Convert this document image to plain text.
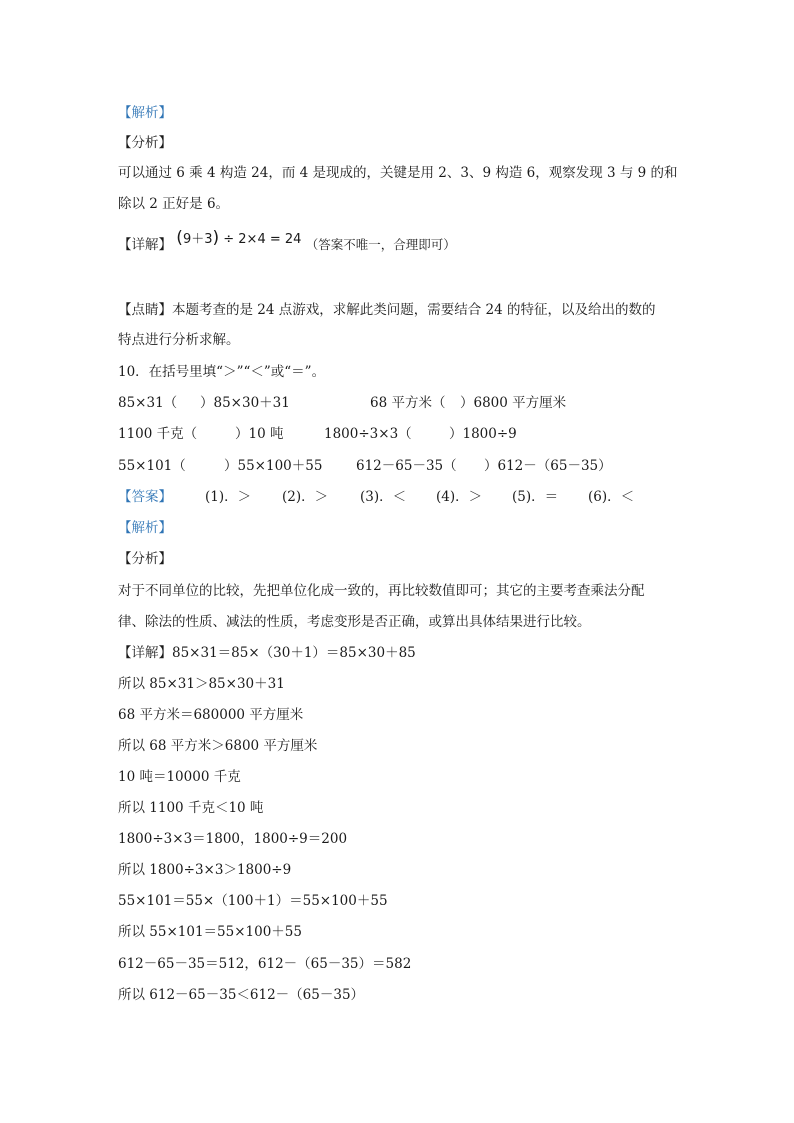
【解析】
【分析】
可以通过 6 乘 4 构造 24，而 4 是现成的，关键是用 2、3、9 构造 6，观察发现 3 与 9 的和
除以 2 正好是 6。
【详解】 (9＋3) ÷ 2×4 = 24 （答案不唯一，合理即可）
【点睛】本题考查的是 24 点游戏，求解此类问题，需要结合 24 的特征，以及给出的数的
特点进行分析求解。
10．在括号里填“＞”“＜”或“＝”。
85×31（ ）85×30＋31	68 平方米（ ）6800 平方厘米
1100 千克（	）10 吨	1800÷3×3（	）1800÷9
55×101（	）55×100＋55 612－65－35（ ）612－（65－35）
【答案】 (1)．＞ (2)．＞ (3)．＜ (4)．＞ (5)．＝ (6)．＜
【解析】
【分析】
对于不同单位的比较，先把单位化成一致的，再比较数值即可；其它的主要考查乘法分配
律、除法的性质、减法的性质，考虑变形是否正确，或算出具体结果进行比较。
【详解】85×31＝85×（30＋1）＝85×30＋85
所以 85×31＞85×30＋31
68 平方米＝680000 平方厘米
所以 68 平方米＞6800 平方厘米
10 吨＝10000 千克
所以 1100 千克＜10 吨
1800÷3×3＝1800，1800÷9＝200
所以 1800÷3×3＞1800÷9
55×101＝55×（100＋1）＝55×100＋55
所以 55×101＝55×100＋55
612－65－35＝512，612－（65－35）＝582
所以 612－65－35＜612－（65－35）
